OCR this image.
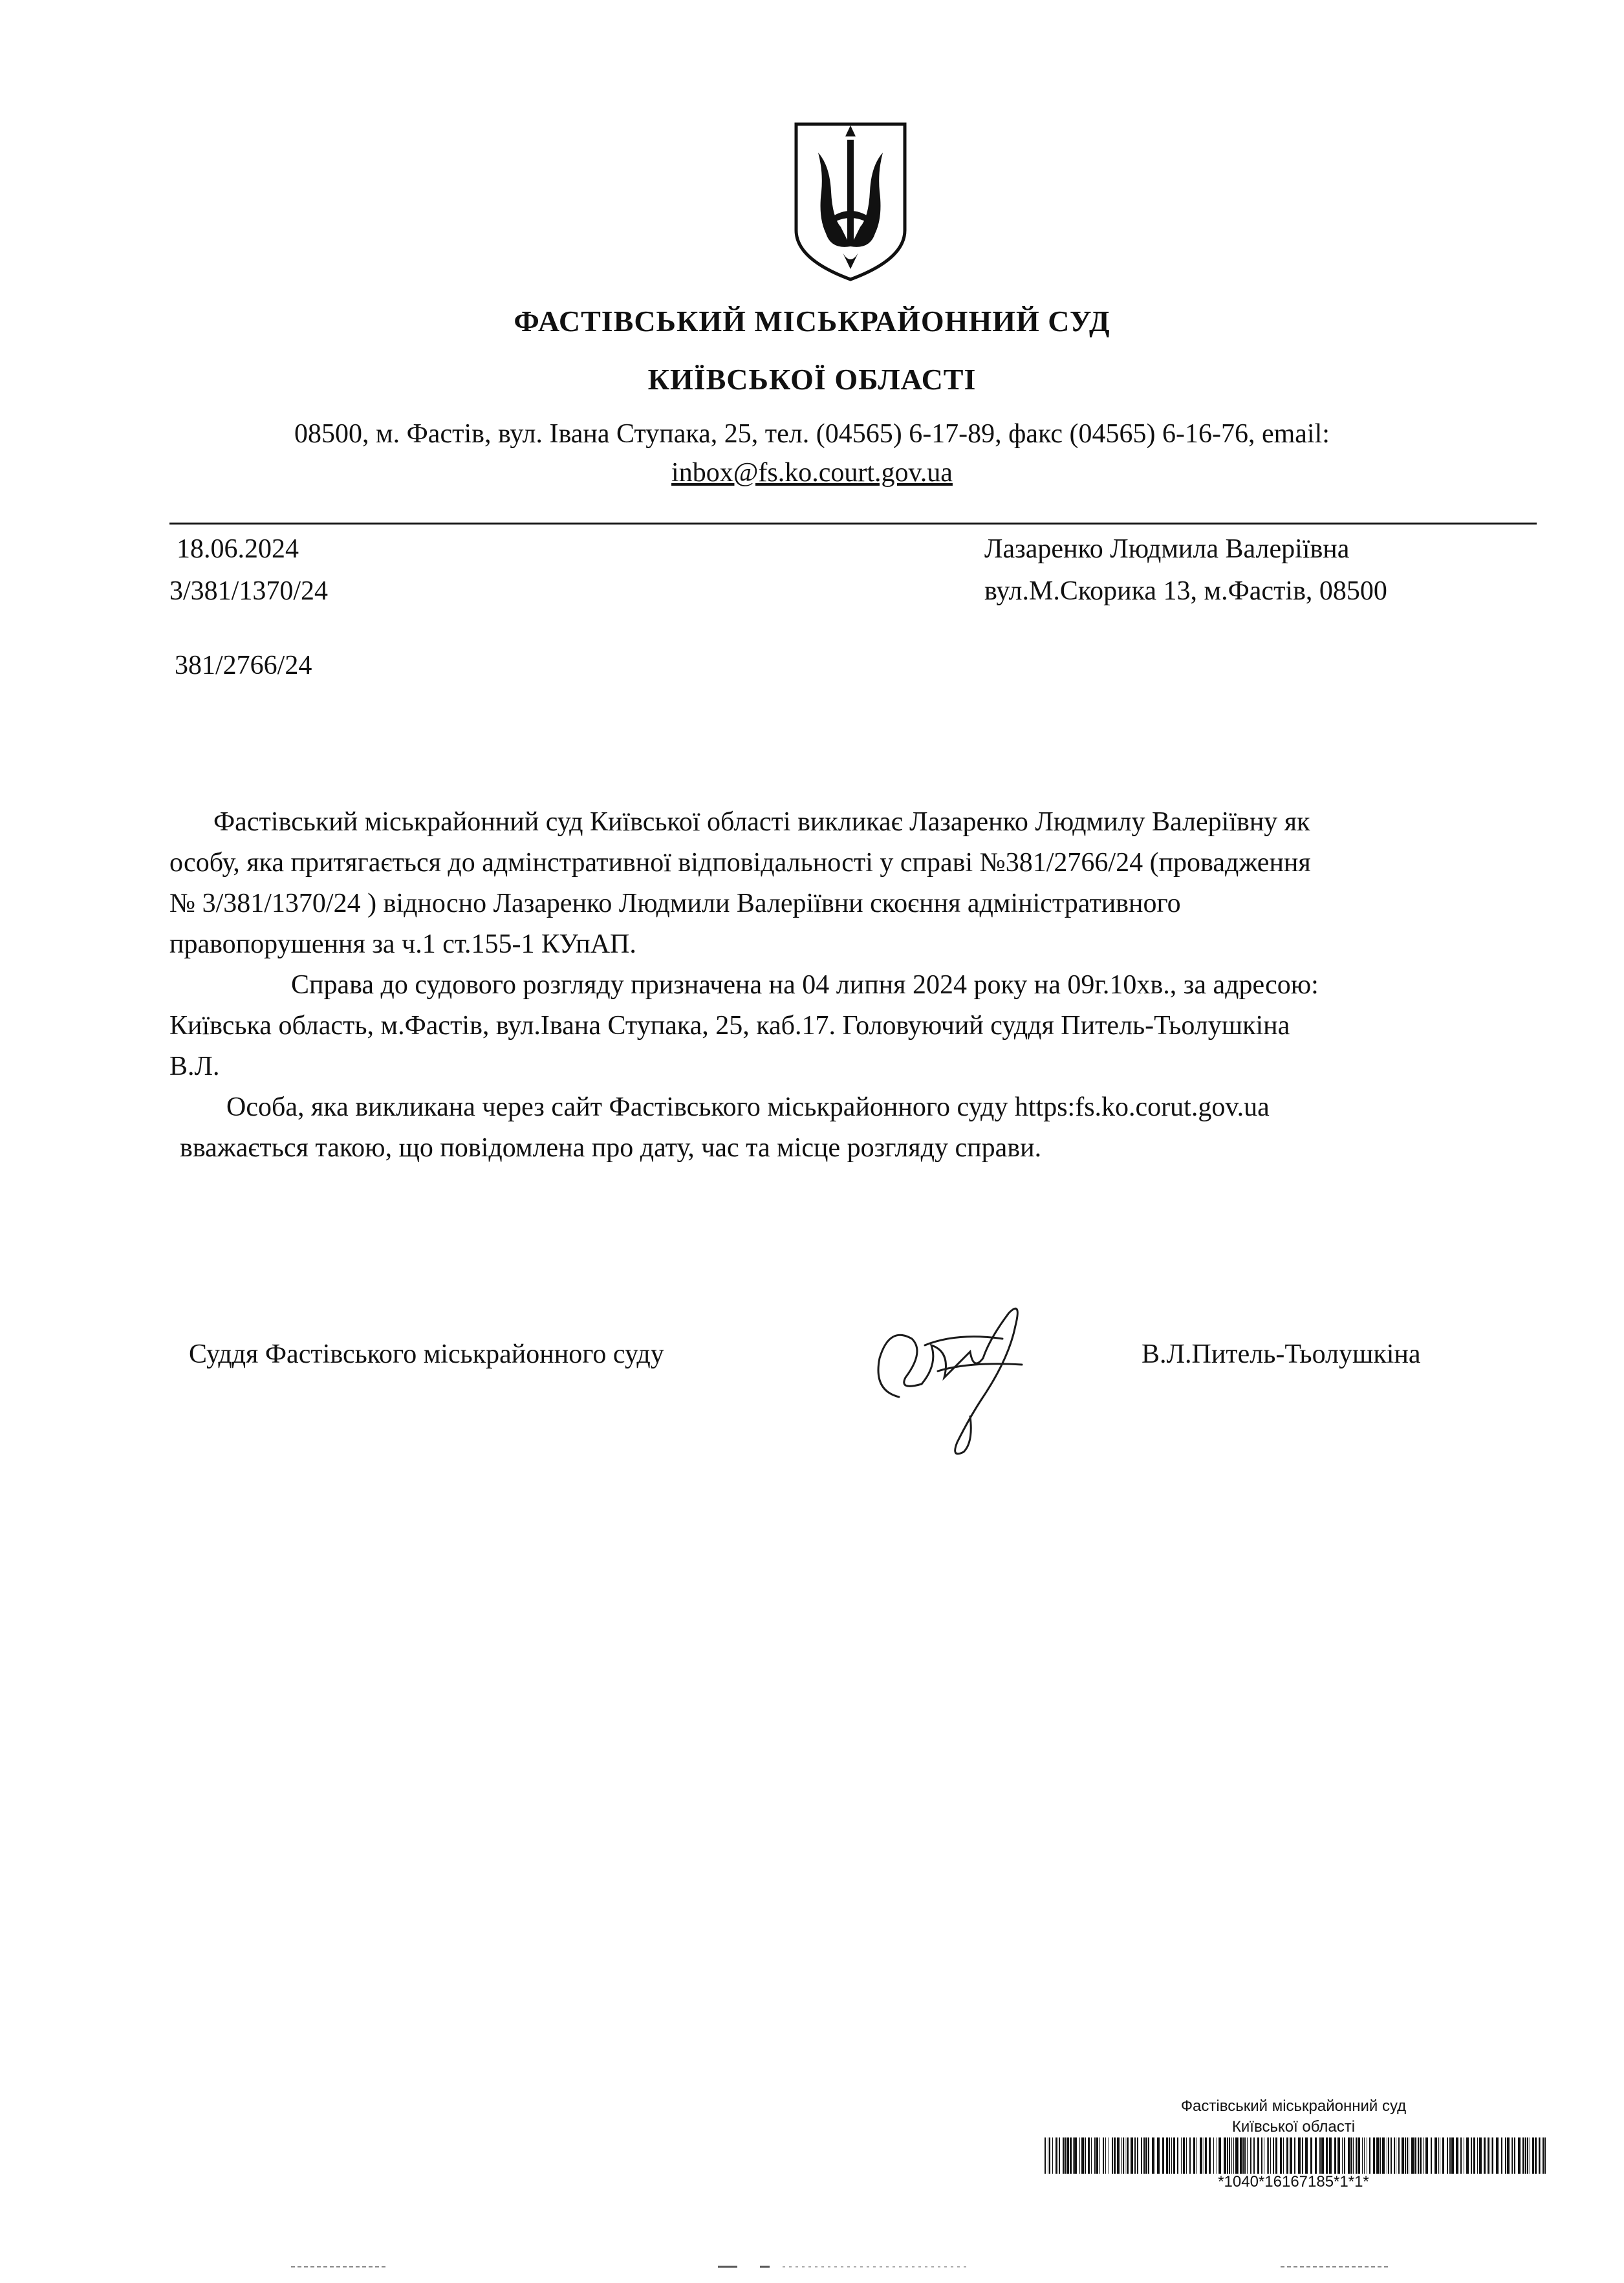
ФАСТІВСЬКИЙ МІСЬКРАЙОННИЙ СУД
КИЇВСЬКОЇ ОБЛАСТІ
08500, м. Фастів, вул. Івана Ступака, 25, тел. (04565) 6-17-89, факс (04565) 6-16-76, email:
inbox@fs.ko.court.gov.ua
18.06.2024
3/381/1370/24
381/2766/24
Лазаренко Людмила Валеріївна
вул.М.Скорика 13, м.Фастів, 08500
Фастівський міськрайонний суд Київської області викликає Лазаренко Людмилу Валеріївну як
особу, яка притягається до адмінстративної відповідальності у справі №381/2766/24 (провадження
№ 3/381/1370/24 ) відносно Лазаренко Людмили Валеріївни скоєння адміністративного
правопорушення за ч.1 ст.155-1 КУпАП.
Справа до судового розгляду призначена на 04 липня 2024 року на 09г.10хв., за адресою:
Київська область, м.Фастів, вул.Івана Ступака, 25, каб.17. Головуючий суддя Питель-Тьолушкіна
В.Л.
Особа, яка викликана через сайт Фастівського міськрайонного суду https:fs.ko.corut.gov.ua
вважається такою, що повідомлена про дату, час та місце розгляду справи.
Суддя Фастівського міськрайонного суду	В.Л.Питель-Тьолушкіна
Фастівський міськрайонний суд
Київської області
*1040*16167185*1*1*
